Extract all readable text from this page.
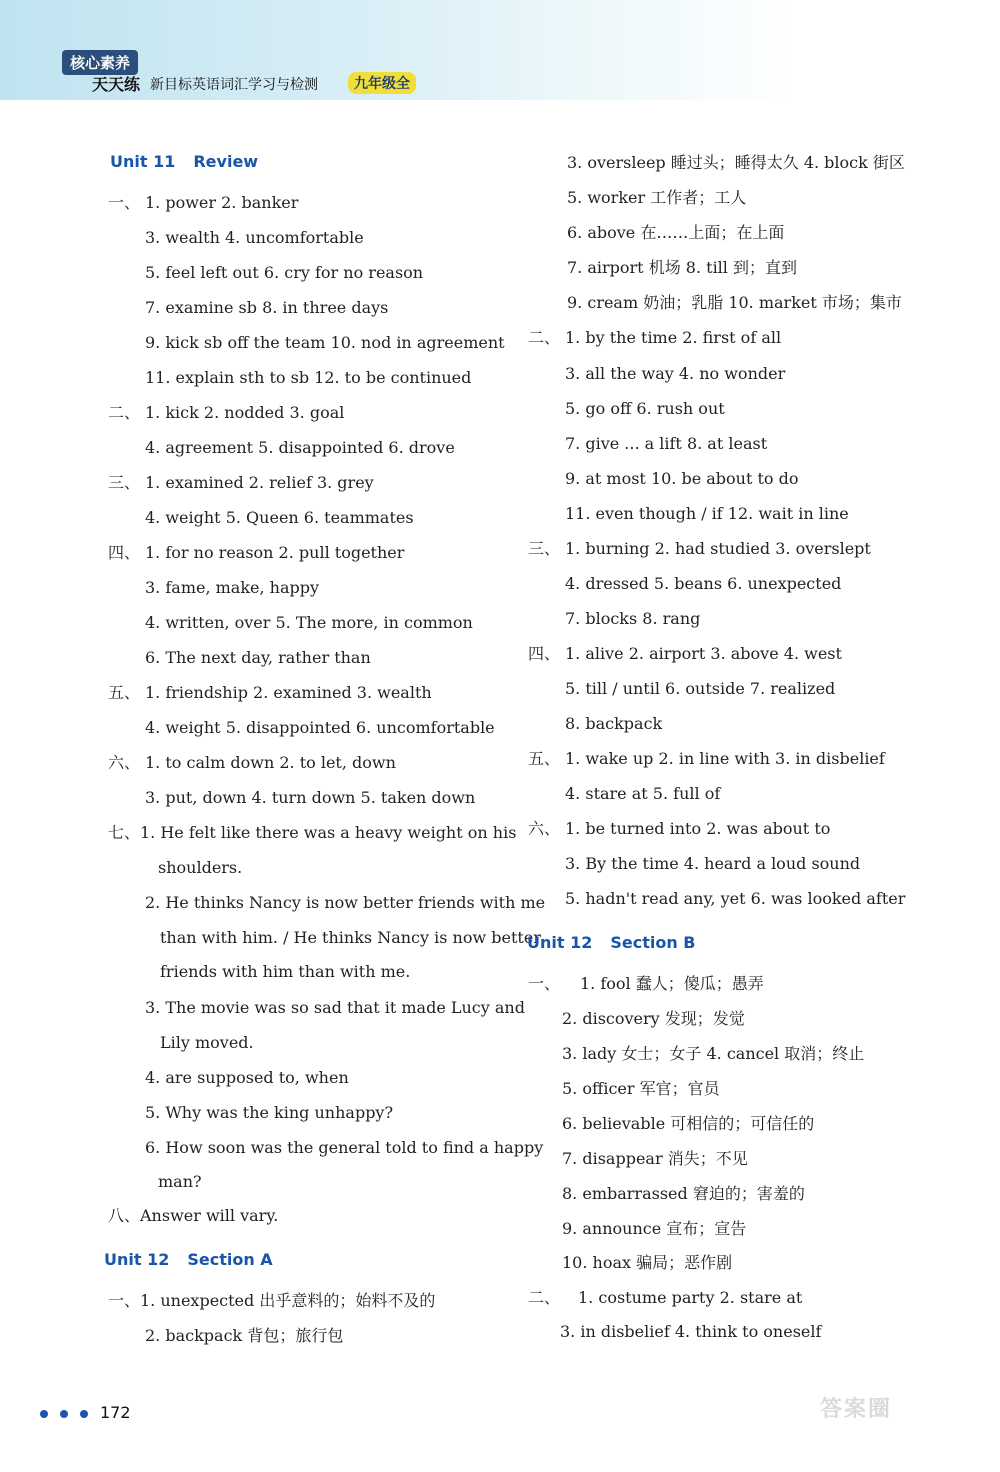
核心素养
天天练 新目标英语词汇学习与检测	九年级全
Unit 11 Review
一、 1. power 2. banker
3. wealth 4. uncomfortable
5. feel left out 6. cry for no reason
7. examine sb 8. in three days
9. kick sb off the team 10. nod in agreement
11. explain sth to sb 12. to be continued
二、 1. kick 2. nodded 3. goal
4. agreement 5. disappointed 6. drove
三、 1. examined 2. relief 3. grey
4. weight 5. Queen 6. teammates
四、 1. for no reason 2. pull together
3. fame, make, happy
4. written, over 5. The more, in common
6. The next day, rather than
五、 1. friendship 2. examined 3. wealth
4. weight 5. disappointed 6. uncomfortable
六、 1. to calm down 2. to let, down
3. put, down 4. turn down 5. taken down
七、 1. He felt like there was a heavy weight on his
shoulders.
2. He thinks Nancy is now better friends with me
than with him. / He thinks Nancy is now better
friends with him than with me.
3. The movie was so sad that it made Lucy and
Lily moved.
4. are supposed to, when
5. Why was the king unhappy?
6. How soon was the general told to find a happy
man?
八、 Answer will vary.
Unit 12 Section A
一、 1. unexpected 出乎意料的；始料不及的
2. backpack 背包；旅行包
3. oversleep 睡过头；睡得太久 4. block 街区
5. worker 工作者；工人
6. above 在……上面；在上面
7. airport 机场 8. till 到；直到
9. cream 奶油；乳脂 10. market 市场；集市
二、 1. by the time 2. first of all
3. all the way 4. no wonder
5. go off 6. rush out
7. give ... a lift 8. at least
9. at most 10. be about to do
11. even though / if 12. wait in line
三、 1. burning 2. had studied 3. overslept
4. dressed 5. beans 6. unexpected
7. blocks 8. rang
四、 1. alive 2. airport 3. above 4. west
5. till / until 6. outside 7. realized
8. backpack
五、 1. wake up 2. in line with 3. in disbelief
4. stare at 5. full of
六、 1. be turned into 2. was about to
3. By the time 4. heard a loud sound
5. hadn't read any, yet 6. was looked after
Unit 12 Section B
一、 1. fool 蠢人；傻瓜；愚弄
2. discovery 发现；发觉
3. lady 女士；女子 4. cancel 取消；终止
5. officer 军官；官员
6. believable 可相信的；可信任的
7. disappear 消失；不见
8. embarrassed 窘迫的；害羞的
9. announce 宣布；宣告
10. hoax 骗局；恶作剧
二、 1. costume party 2. stare at
3. in disbelief 4. think to oneself
172	答案圈
